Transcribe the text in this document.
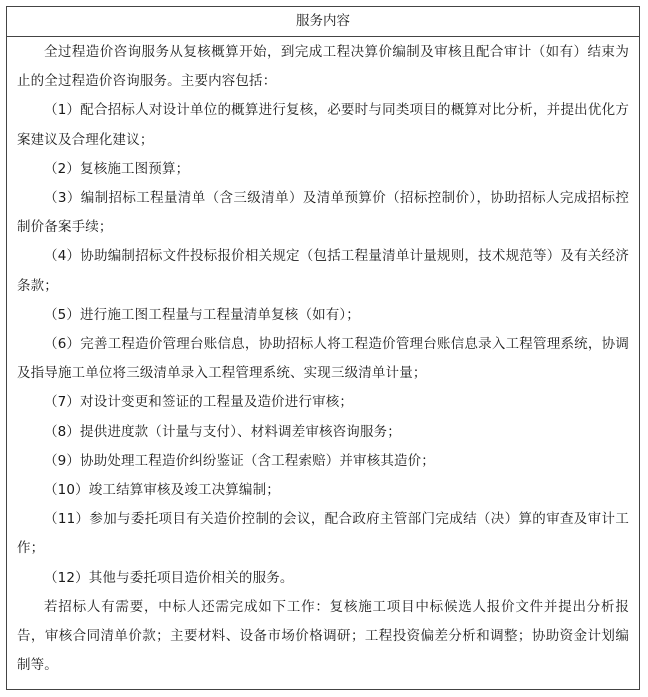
服务内容

全过程造价咨询服务从复核概算开始，到完成工程决算价编制及审核且配合审计（如有）结束为止的全过程造价咨询服务。主要内容包括：

（1）配合招标人对设计单位的概算进行复核，必要时与同类项目的概算对比分析，并提出优化方案建议及合理化建议；

（2）复核施工图预算；

（3）编制招标工程量清单（含三级清单）及清单预算价（招标控制价），协助招标人完成招标控制价备案手续；

（4）协助编制招标文件投标报价相关规定（包括工程量清单计量规则，技术规范等）及有关经济条款；

（5）进行施工图工程量与工程量清单复核（如有）；

（6）完善工程造价管理台账信息，协助招标人将工程造价管理台账信息录入工程管理系统，协调及指导施工单位将三级清单录入工程管理系统、实现三级清单计量；

（7）对设计变更和签证的工程量及造价进行审核；

（8）提供进度款（计量与支付）、材料调差审核咨询服务；

（9）协助处理工程造价纠纷鉴证（含工程索赔）并审核其造价；

（10）竣工结算审核及竣工决算编制；

（11）参加与委托项目有关造价控制的会议，配合政府主管部门完成结（决）算的审查及审计工作；

（12）其他与委托项目造价相关的服务。

若招标人有需要，中标人还需完成如下工作：复核施工项目中标候选人报价文件并提出分析报告，审核合同清单价款；主要材料、设备市场价格调研；工程投资偏差分析和调整；协助资金计划编制等。
